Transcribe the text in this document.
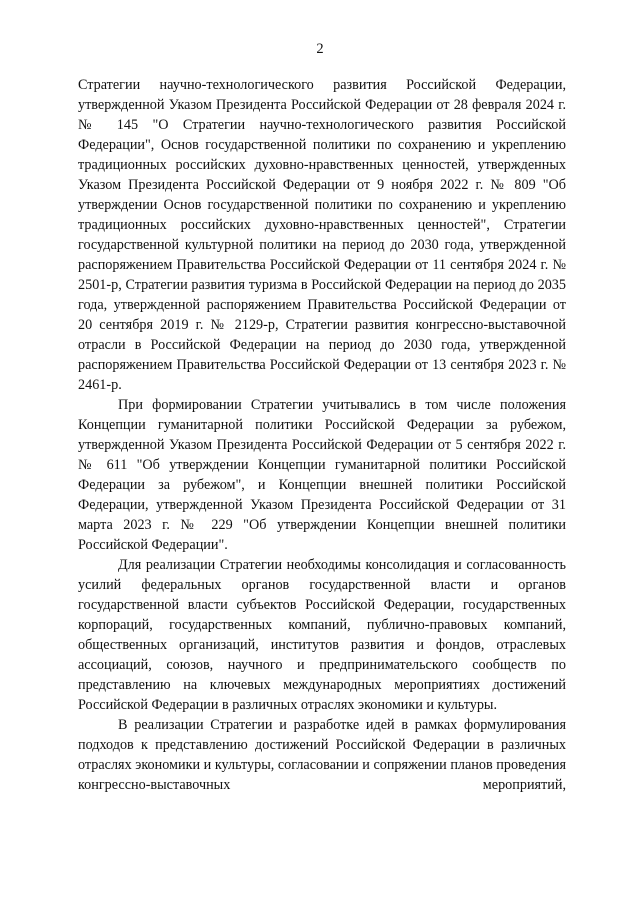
2

Стратегии научно-технологического развития Российской Федерации, утвержденной Указом Президента Российской Федерации от 28 февраля 2024 г. № 145 "О Стратегии научно-технологического развития Российской Федерации", Основ государственной политики по сохранению и укреплению традиционных российских духовно-нравственных ценностей, утвержденных Указом Президента Российской Федерации от 9 ноября 2022 г. № 809 "Об утверждении Основ государственной политики по сохранению и укреплению традиционных российских духовно-нравственных ценностей", Стратегии государственной культурной политики на период до 2030 года, утвержденной распоряжением Правительства Российской Федерации от 11 сентября 2024 г. № 2501-р, Стратегии развития туризма в Российской Федерации на период до 2035 года, утвержденной распоряжением Правительства Российской Федерации от 20 сентября 2019 г. № 2129-р, Стратегии развития конгрессно-выставочной отрасли в Российской Федерации на период до 2030 года, утвержденной распоряжением Правительства Российской Федерации от 13 сентября 2023 г. № 2461-р.

При формировании Стратегии учитывались в том числе положения Концепции гуманитарной политики Российской Федерации за рубежом, утвержденной Указом Президента Российской Федерации от 5 сентября 2022 г. № 611 "Об утверждении Концепции гуманитарной политики Российской Федерации за рубежом", и Концепции внешней политики Российской Федерации, утвержденной Указом Президента Российской Федерации от 31 марта 2023 г. № 229 "Об утверждении Концепции внешней политики Российской Федерации".

Для реализации Стратегии необходимы консолидация и согласованность усилий федеральных органов государственной власти и органов государственной власти субъектов Российской Федерации, государственных корпораций, государственных компаний, публично-правовых компаний, общественных организаций, институтов развития и фондов, отраслевых ассоциаций, союзов, научного и предпринимательского сообществ по представлению на ключевых международных мероприятиях достижений Российской Федерации в различных отраслях экономики и культуры.

В реализации Стратегии и разработке идей в рамках формулирования подходов к представлению достижений Российской Федерации в различных отраслях экономики и культуры, согласовании и сопряжении планов проведения конгрессно-выставочных мероприятий,
